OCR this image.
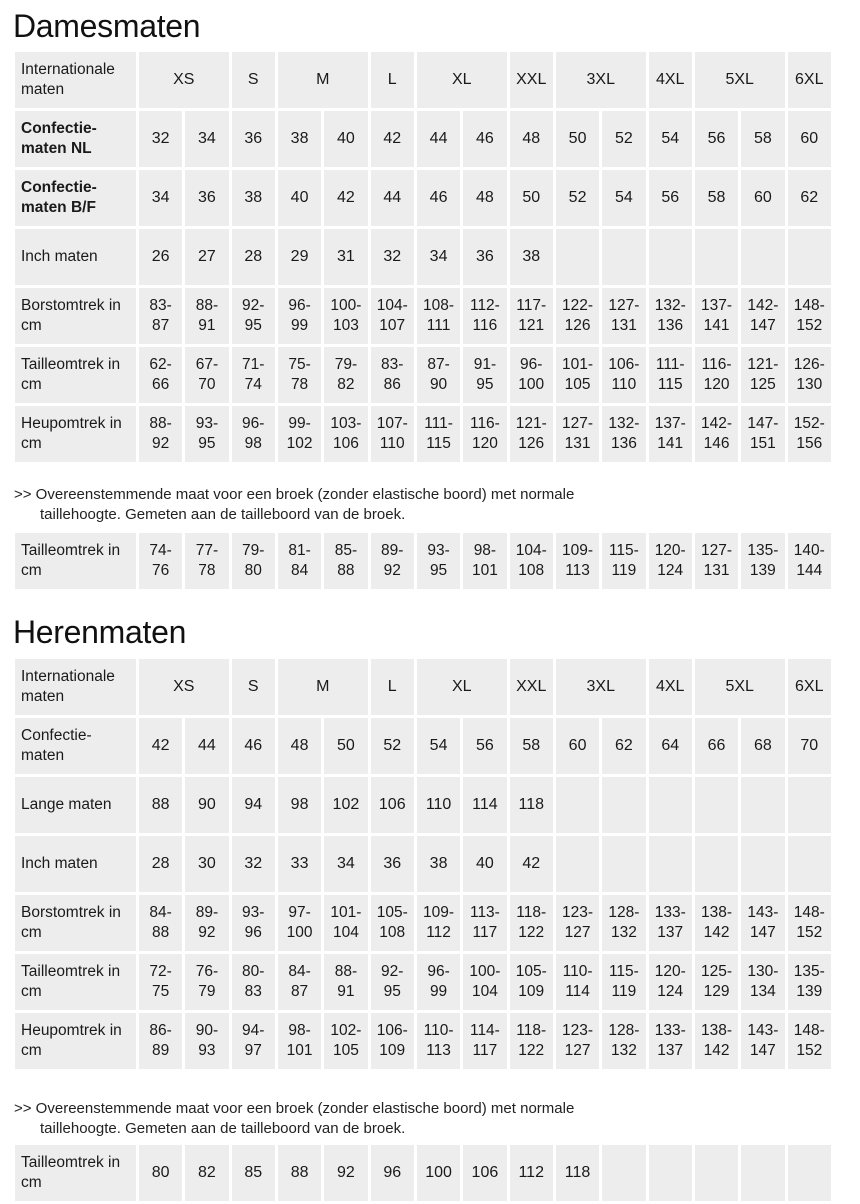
Damesmaten
Internationale maten	XS		S	M		L	XL		XXL	3XL		4XL	5XL		6XL
Confectie- maten NL	32	34	36	38	40	42	44	46	48	50	52	54	56	58	60
Confectie- maten B/F	34	36	38	40	42	44	46	48	50	52	54	56	58	60	62
Inch maten	26	27	28	29	31	32	34	36	38						
Borstomtrek in cm	83- 87	88- 91	92- 95	96- 99	100- 103	104- 107	108- 111	112- 116	117- 121	122- 126	127- 131	132- 136	137- 141	142- 147	148- 152
Tailleomtrek in cm	62- 66	67- 70	71- 74	75- 78	79- 82	83- 86	87- 90	91- 95	96- 100	101- 105	106- 110	111- 115	116- 120	121- 125	126- 130
Heupomtrek in cm	88- 92	93- 95	96- 98	99- 102	103- 106	107- 110	111- 115	116- 120	121- 126	127- 131	132- 136	137- 141	142- 146	147- 151	152- 156
>> Overeenstemmende maat voor een broek (zonder elastische boord) met normale
taillehoogte. Gemeten aan de tailleboord van de broek.
Tailleomtrek in cm	74- 76	77- 78	79- 80	81- 84	85- 88	89- 92	93- 95	98- 101	104- 108	109- 113	115- 119	120- 124	127- 131	135- 139	140- 144
Herenmaten
Internationale maten	XS		S	M		L	XL		XXL	3XL		4XL	5XL		6XL
Confectie- maten	42	44	46	48	50	52	54	56	58	60	62	64	66	68	70
Lange maten	88	90	94	98	102	106	110	114	118						
Inch maten	28	30	32	33	34	36	38	40	42						
Borstomtrek in cm	84- 88	89- 92	93- 96	97- 100	101- 104	105- 108	109- 112	113- 117	118- 122	123- 127	128- 132	133- 137	138- 142	143- 147	148- 152
Tailleomtrek in cm	72- 75	76- 79	80- 83	84- 87	88- 91	92- 95	96- 99	100- 104	105- 109	110- 114	115- 119	120- 124	125- 129	130- 134	135- 139
Heupomtrek in cm	86- 89	90- 93	94- 97	98- 101	102- 105	106- 109	110- 113	114- 117	118- 122	123- 127	128- 132	133- 137	138- 142	143- 147	148- 152
>> Overeenstemmende maat voor een broek (zonder elastische boord) met normale
taillehoogte. Gemeten aan de tailleboord van de broek.
Tailleomtrek in cm	80	82	85	88	92	96	100	106	112	118					
